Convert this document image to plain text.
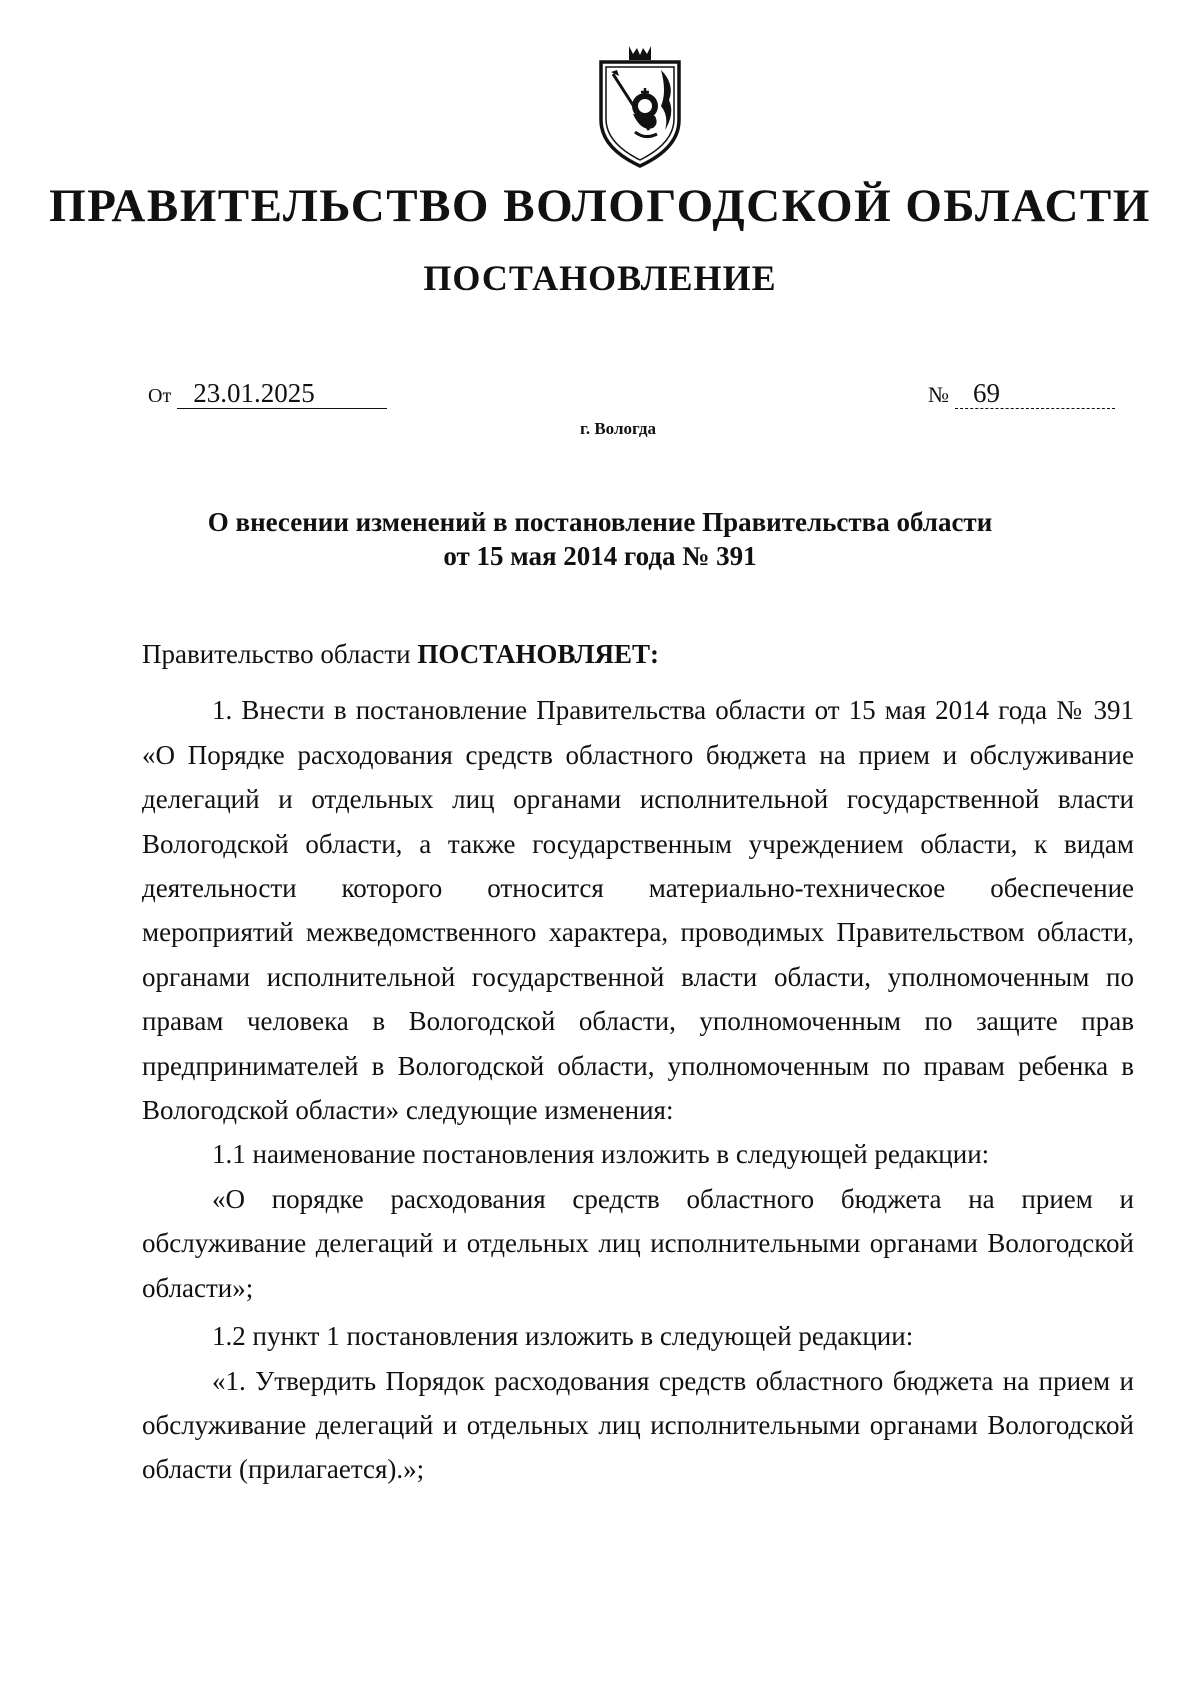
ПРАВИТЕЛЬСТВО ВОЛОГОДСКОЙ ОБЛАСТИ
ПОСТАНОВЛЕНИЕ
От 23.01.2025	№ 69
г. Вологда
О внесении изменений в постановление Правительства области
от 15 мая 2014 года № 391

Правительство области ПОСТАНОВЛЯЕТ:

1. Внести в постановление Правительства области от 15 мая 2014 года № 391 «О Порядке расходования средств областного бюджета на прием и обслуживание делегаций и отдельных лиц органами исполнительной государственной власти Вологодской области, а также государственным учреждением области, к видам деятельности которого относится материально-техническое обеспечение мероприятий межведомственного характера, проводимых Правительством области, органами исполнительной государственной власти области, уполномоченным по правам человека в Вологодской области, уполномоченным по защите прав предпринимателей в Вологодской области, уполномоченным по правам ребенка в Вологодской области» следующие изменения:

1.1 наименование постановления изложить в следующей редакции:

«О порядке расходования средств областного бюджета на прием и обслуживание делегаций и отдельных лиц исполнительными органами Вологодской области»;

1.2 пункт 1 постановления изложить в следующей редакции:

«1. Утвердить Порядок расходования средств областного бюджета на прием и обслуживание делегаций и отдельных лиц исполнительными органами Вологодской области (прилагается).»;
